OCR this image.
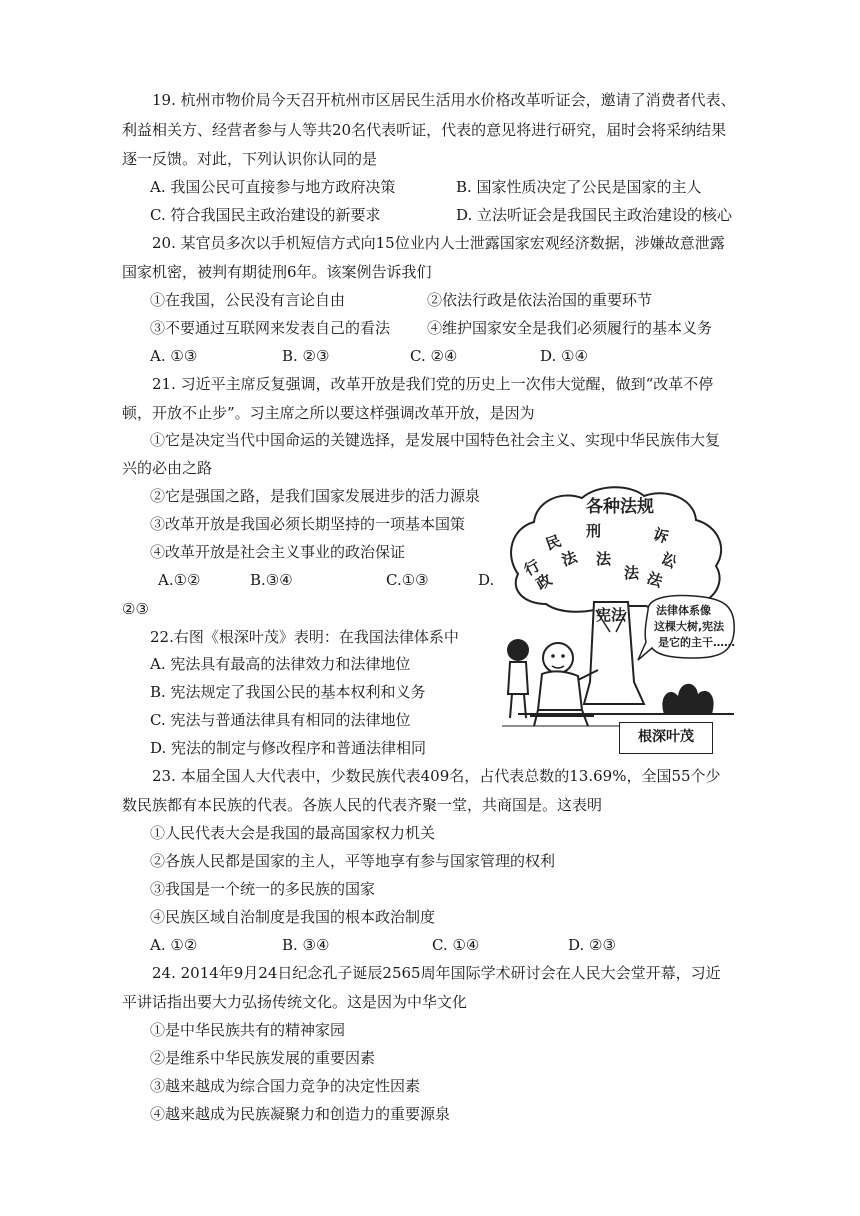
19. 杭州市物价局今天召开杭州市区居民生活用水价格改革听证会，邀请了消费者代表、
利益相关方、经营者参与人等共20名代表听证，代表的意见将进行研究，届时会将采纳结果
逐一反馈。对此，下列认识你认同的是
A. 我国公民可直接参与地方政府决策	B. 国家性质决定了公民是国家的主人
C. 符合我国民主政治建设的新要求	D. 立法听证会是我国民主政治建设的核心
20. 某官员多次以手机短信方式向15位业内人士泄露国家宏观经济数据，涉嫌故意泄露
国家机密，被判有期徒刑6年。该案例告诉我们
①在我国，公民没有言论自由	②依法行政是依法治国的重要环节
③不要通过互联网来发表自己的看法 ④维护国家安全是我们必须履行的基本义务
A. ①③	B. ②③	C. ②④	D. ①④
21. 习近平主席反复强调，改革开放是我们党的历史上一次伟大觉醒，做到“改革不停
顿，开放不止步”。习主席之所以要这样强调改革开放，是因为
①它是决定当代中国命运的关键选择，是发展中国特色社会主义、实现中华民族伟大复
兴的必由之路
②它是强国之路，是我们国家发展进步的活力源泉
③改革开放是我国必须长期坚持的一项基本国策
④改革开放是社会主义事业的政治保证
A.①②	B.③④	C.①③	D.
②③
22.右图《根深叶茂》表明：在我国法律体系中
A. 宪法具有最高的法律效力和法律地位
B. 宪法规定了我国公民的基本权利和义务
C. 宪法与普通法律具有相同的法律地位
D. 宪法的制定与修改程序和普通法律相同
各种法规
行
民
刑	诉
政
法 法	讼
法 法
宪法	法律体系像
这棵大树,宪法
是它的主干……
根深叶茂
23. 本届全国人大代表中，少数民族代表409名，占代表总数的13.69%，全国55个少
数民族都有本民族的代表。各族人民的代表齐聚一堂，共商国是。这表明
①人民代表大会是我国的最高国家权力机关
②各族人民都是国家的主人，平等地享有参与国家管理的权利
③我国是一个统一的多民族的国家
④民族区域自治制度是我国的根本政治制度
A. ①②	B. ③④	C. ①④	D. ②③
24. 2014年9月24日纪念孔子诞辰2565周年国际学术研讨会在人民大会堂开幕，习近
平讲话指出要大力弘扬传统文化。这是因为中华文化
①是中华民族共有的精神家园
②是维系中华民族发展的重要因素
③越来越成为综合国力竞争的决定性因素
④越来越成为民族凝聚力和创造力的重要源泉
